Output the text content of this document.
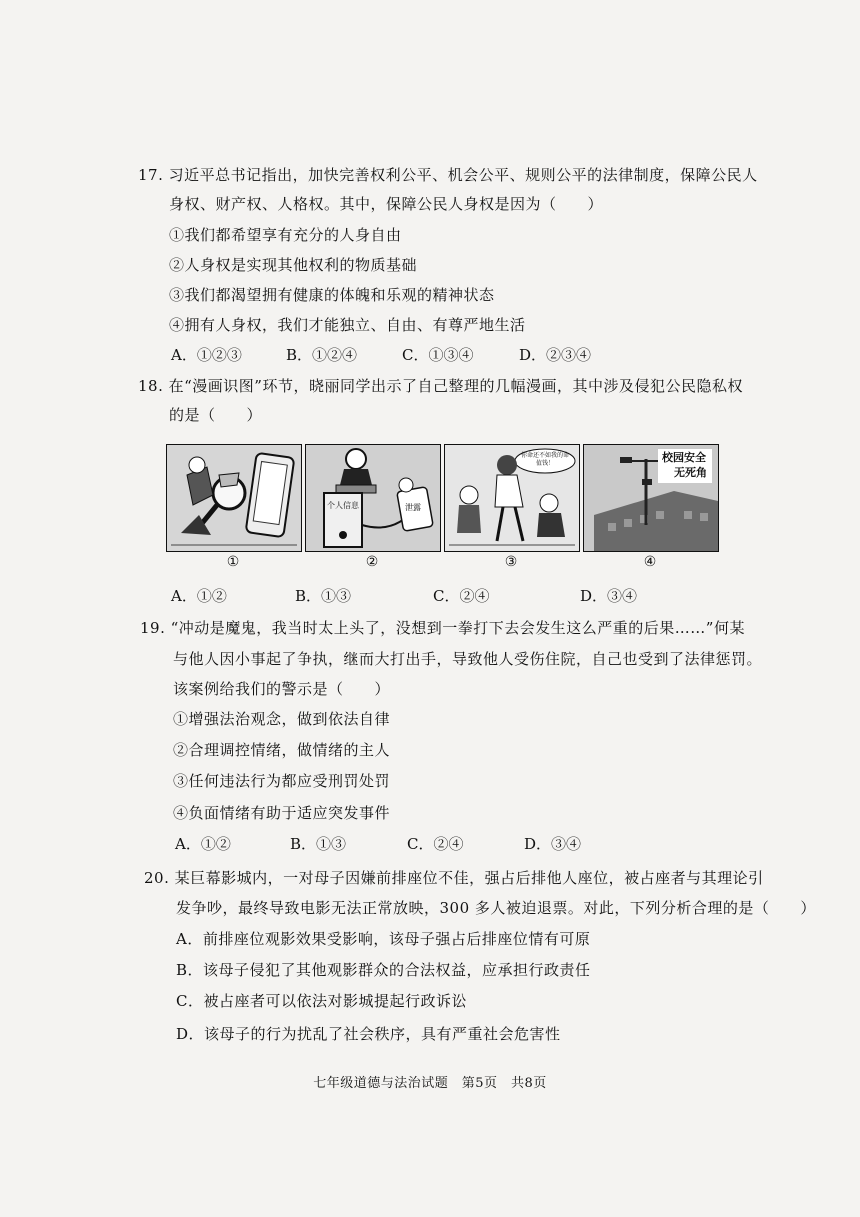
17. 习近平总书记指出，加快完善权利公平、机会公平、规则公平的法律制度，保障公民人
身权、财产权、人格权。其中，保障公民人身权是因为（　　）
①我们都希望享有充分的人身自由
②人身权是实现其他权利的物质基础
③我们都渴望拥有健康的体魄和乐观的精神状态
④拥有人身权，我们才能独立、自由、有尊严地生活
A．①②③	B．①②④	C．①③④	D．②③④
18. 在“漫画识图”环节，晓丽同学出示了自己整理的几幅漫画，其中涉及侵犯公民隐私权
的是（　　）
个人信息	泄露
你命还不如我的命值钱！	校园安全
无死角
①	②	③	④
A．①②	B．①③	C．②④	D．③④
19. “冲动是魔鬼，我当时太上头了，没想到一拳打下去会发生这么严重的后果……”何某
与他人因小事起了争执，继而大打出手，导致他人受伤住院，自己也受到了法律惩罚。
该案例给我们的警示是（　　）
①增强法治观念，做到依法自律
②合理调控情绪，做情绪的主人
③任何违法行为都应受刑罚处罚
④负面情绪有助于适应突发事件
A．①②	B．①③	C．②④	D．③④
20. 某巨幕影城内，一对母子因嫌前排座位不佳，强占后排他人座位，被占座者与其理论引
发争吵，最终导致电影无法正常放映，300 多人被迫退票。对此，下列分析合理的是（　　）
A．前排座位观影效果受影响，该母子强占后排座位情有可原
B．该母子侵犯了其他观影群众的合法权益，应承担行政责任
C．被占座者可以依法对影城提起行政诉讼
D．该母子的行为扰乱了社会秩序，具有严重社会危害性
七年级道德与法治试题　第5页　共8页
